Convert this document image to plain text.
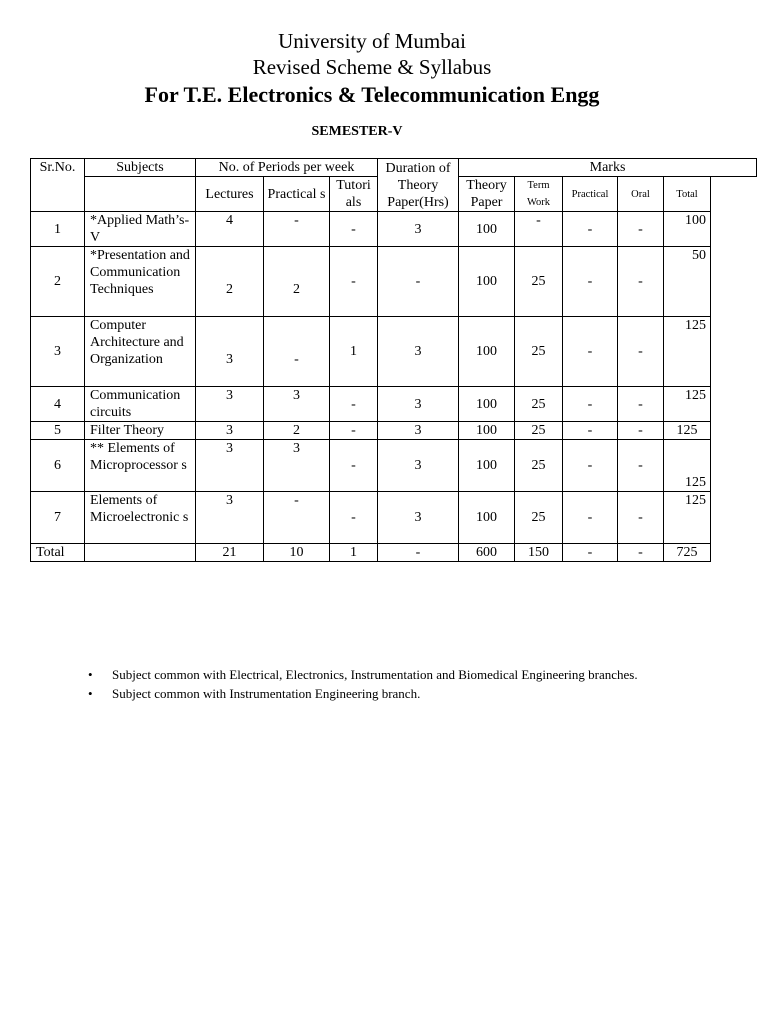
University of Mumbai
Revised Scheme & Syllabus
For T.E. Electronics & Telecommunication Engg
SEMESTER-V
Sr.No.	Subjects	No. of Periods per week			Duration of Theory Paper(Hrs)	Marks				
		Lectures	Practical s	Tutori als		Theory Paper	Term Work	Practical	Oral	Total
1	*Applied Math’s-V	4	-	-	3	100	-	-	-	100
2	*Presentation and Communication Techniques	2	2	-	-	100	25	-	-	50
3	Computer Architecture and Organization	3	-	1	3	100	25	-	-	125
4	Communication circuits	3	3	-	3	100	25	-	-	125
5	Filter Theory	3	2	-	3	100	25	-	-	125
6	** Elements of Microprocessor s	3	3	-	3	100	25	-	-	125
7	Elements of Microelectronic s	3	-	-	3	100	25	-	-	125
Total		21	10	1	-	600	150	-	-	725
• Subject common with Electrical, Electronics, Instrumentation and Biomedical Engineering branches.
• Subject common with Instrumentation Engineering branch.
